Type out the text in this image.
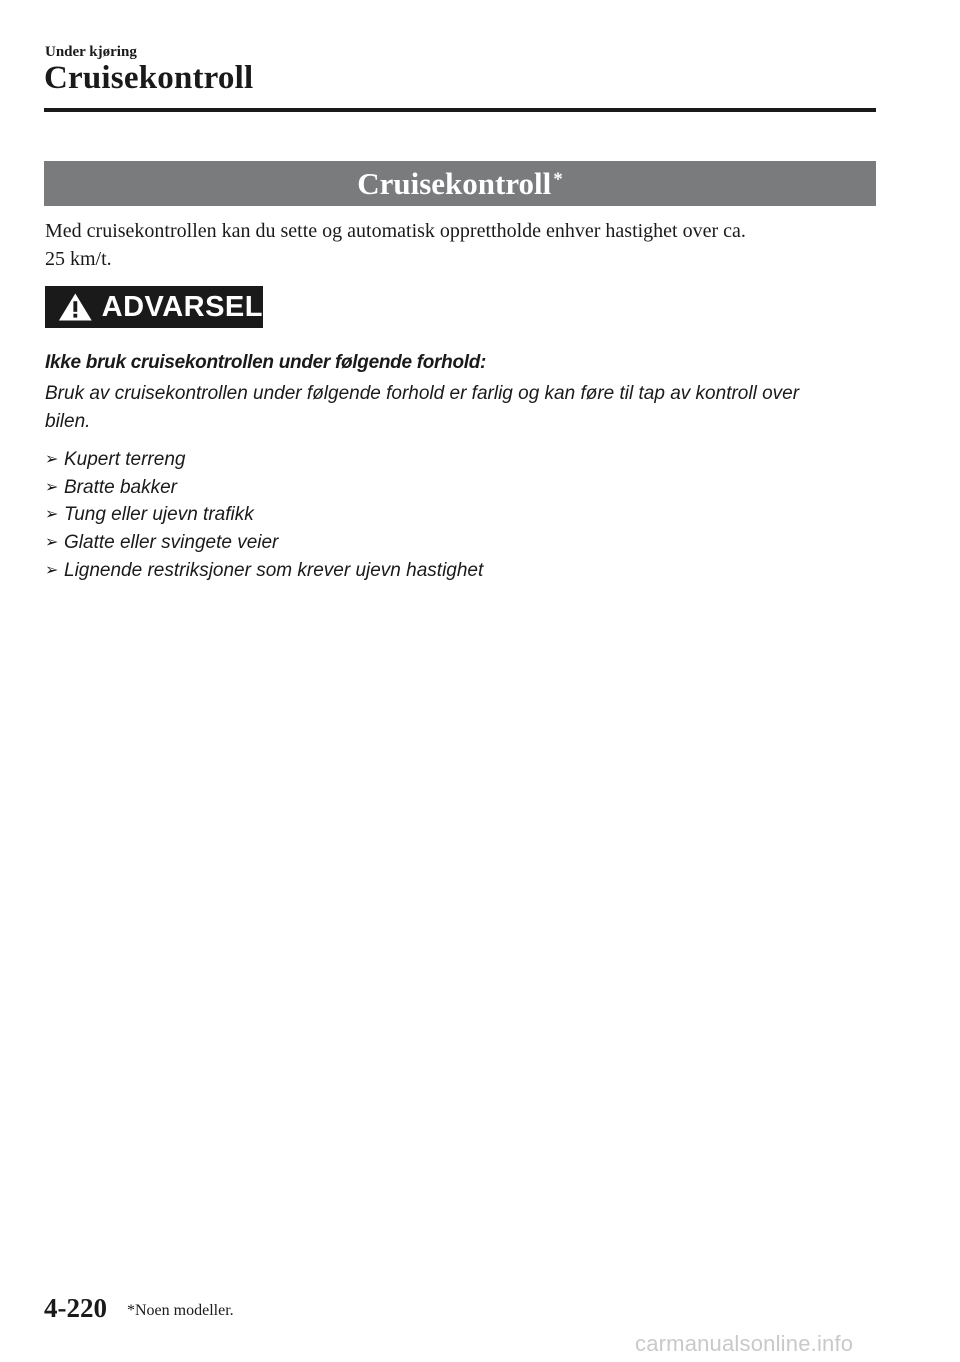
Under kjøring
Cruisekontroll
Cruisekontroll*
Med cruisekontrollen kan du sette og automatisk opprettholde enhver hastighet over ca.
25 km/t.
ADVARSEL
Ikke bruk cruisekontrollen under følgende forhold:
Bruk av cruisekontrollen under følgende forhold er farlig og kan føre til tap av kontroll over
bilen.
➢ Kupert terreng
➢ Bratte bakker
➢ Tung eller ujevn trafikk
➢ Glatte eller svingete veier
➢ Lignende restriksjoner som krever ujevn hastighet
4-220 *Noen modeller.
carmanualsonline.info
